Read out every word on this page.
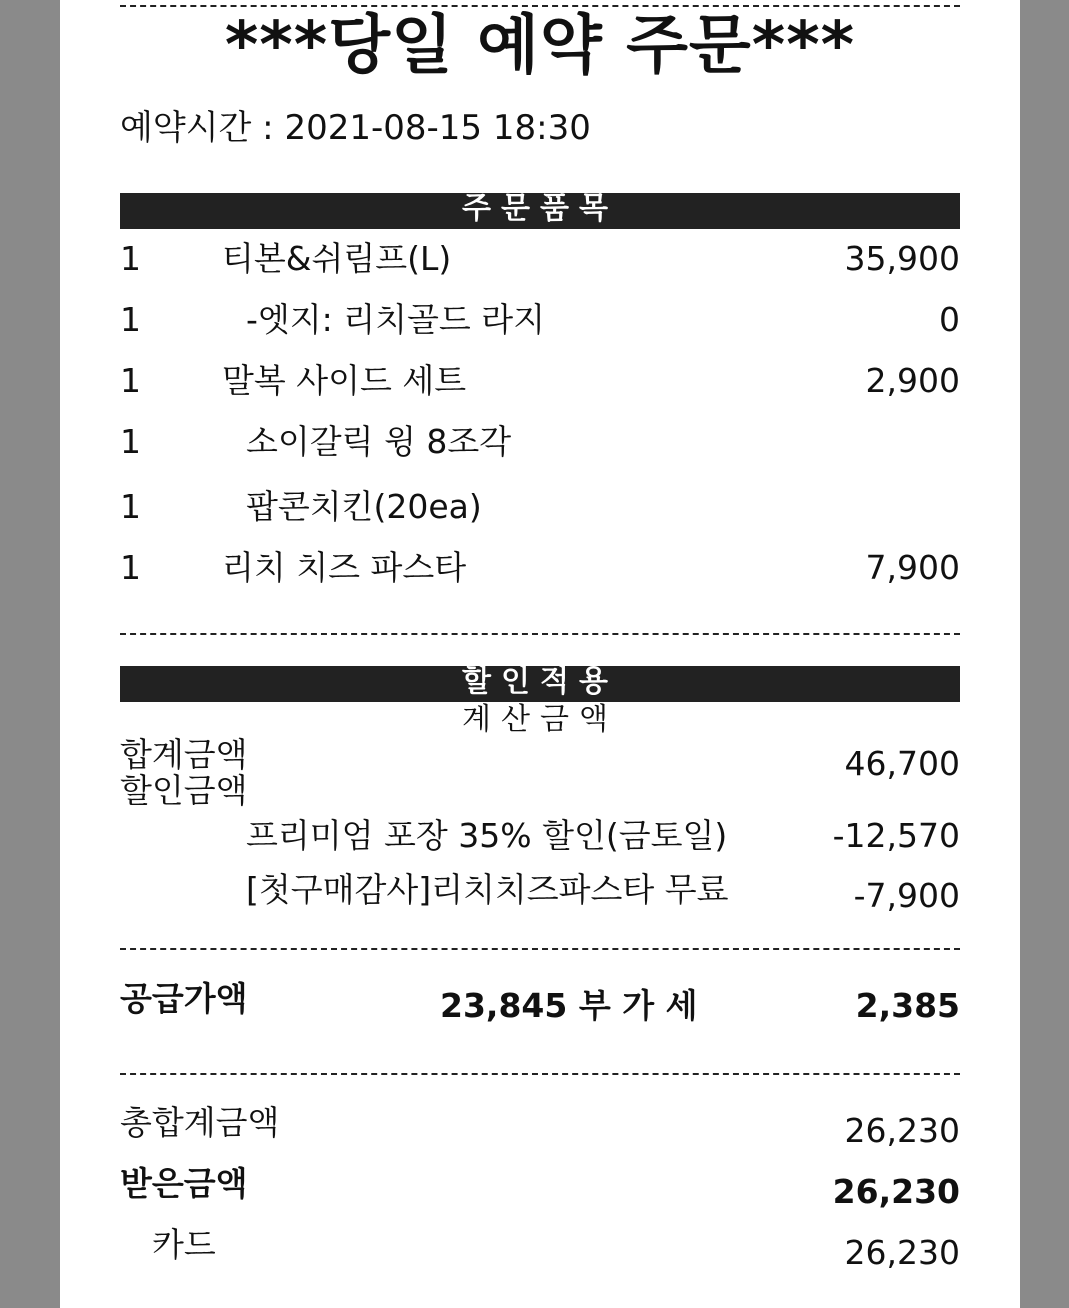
***당일 예약 주문***
예약시간 : 2021-08-15 18:30
주문품목
1 티본&쉬림프(L)	35,900
1	-엣지: 리치골드 라지	0
1 말복 사이드 세트	2,900
1	소이갈릭 윙 8조각
1	팝콘치킨(20ea)
1 리치 치즈 파스타	7,900
할인적용
계산금액
합계금액	46,700
할인금액
프리미엄 포장 35% 할인(금토일)	-12,570
[첫구매감사]리치치즈파스타 무료	-7,900
공급가액	23,845 부 가 세	2,385
총합계금액	26,230
받은금액	26,230
카드	26,230
